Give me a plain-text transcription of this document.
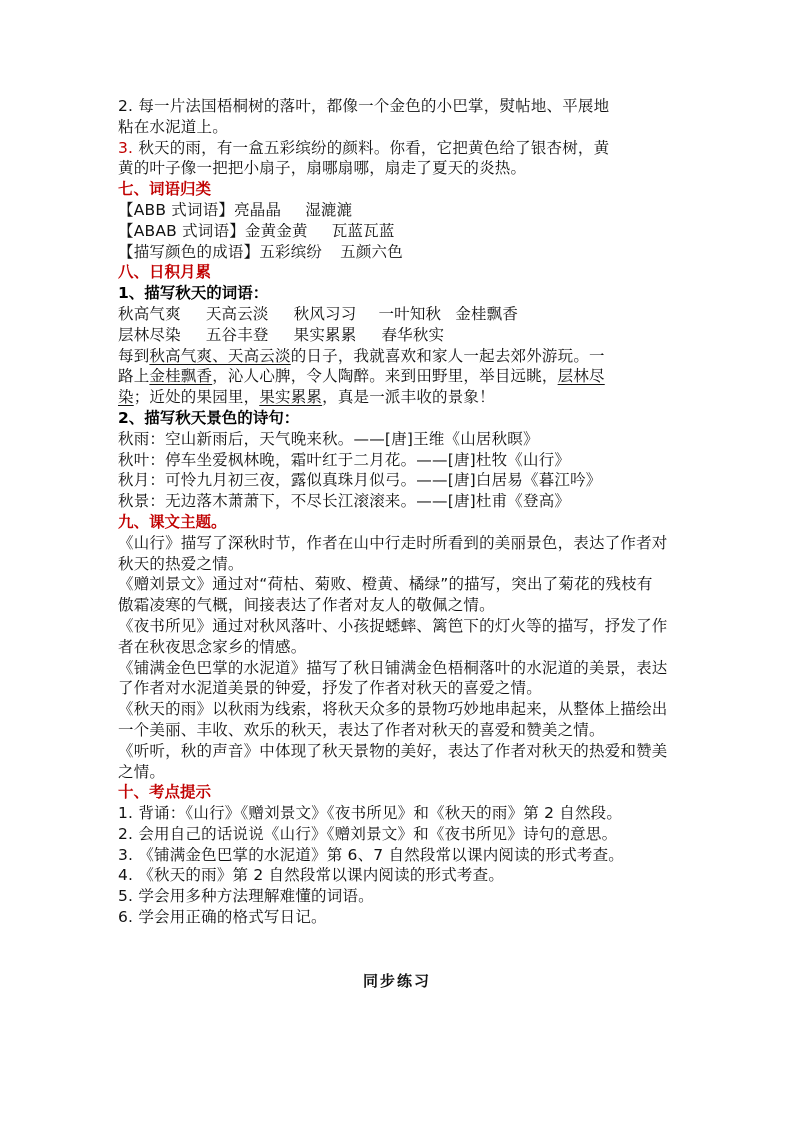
2. 每一片法国梧桐树的落叶，都像一个金色的小巴掌，熨帖地、平展地
粘在水泥道上。
3. 秋天的雨，有一盒五彩缤纷的颜料。你看，它把黄色给了银杏树，黄
黄的叶子像一把把小扇子，扇哪扇哪，扇走了夏天的炎热。
七、词语归类
【ABB 式词语】亮晶晶 湿漉漉
【ABAB 式词语】金黄金黄 瓦蓝瓦蓝
【描写颜色的成语】五彩缤纷 五颜六色
八、日积月累
1、描写秋天的词语：
秋高气爽 天高云淡 秋风习习 一叶知秋 金桂飘香
层林尽染 五谷丰登 果实累累 春华秋实
每到秋高气爽、天高云淡的日子，我就喜欢和家人一起去郊外游玩。一
路上金桂飘香，沁人心脾，令人陶醉。来到田野里，举目远眺，层林尽
染；近处的果园里，果实累累，真是一派丰收的景象！
2、描写秋天景色的诗句：
秋雨：空山新雨后，天气晚来秋。——[唐]王维《山居秋暝》
秋叶：停车坐爱枫林晚，霜叶红于二月花。——[唐]杜牧《山行》
秋月：可怜九月初三夜，露似真珠月似弓。——[唐]白居易《暮江吟》
秋景：无边落木萧萧下，不尽长江滚滚来。——[唐]杜甫《登高》
九、课文主题。
《山行》描写了深秋时节，作者在山中行走时所看到的美丽景色，表达了作者对
秋天的热爱之情。
《赠刘景文》通过对“荷枯、菊败、橙黄、橘绿”的描写，突出了菊花的残枝有
傲霜凌寒的气概，间接表达了作者对友人的敬佩之情。
《夜书所见》通过对秋风落叶、小孩捉蟋蟀、篱笆下的灯火等的描写，抒发了作
者在秋夜思念家乡的情感。
《铺满金色巴掌的水泥道》描写了秋日铺满金色梧桐落叶的水泥道的美景，表达
了作者对水泥道美景的钟爱，抒发了作者对秋天的喜爱之情。
《秋天的雨》以秋雨为线索，将秋天众多的景物巧妙地串起来，从整体上描绘出
一个美丽、丰收、欢乐的秋天，表达了作者对秋天的喜爱和赞美之情。
《听听，秋的声音》中体现了秋天景物的美好，表达了作者对秋天的热爱和赞美
之情。
十、考点提示
1. 背诵：《山行》《赠刘景文》《夜书所见》和《秋天的雨》第 2 自然段。
2. 会用自己的话说说《山行》《赠刘景文》和《夜书所见》诗句的意思。
3. 《铺满金色巴掌的水泥道》第 6、7 自然段常以课内阅读的形式考查。
4. 《秋天的雨》第 2 自然段常以课内阅读的形式考查。
5. 学会用多种方法理解难懂的词语。
6. 学会用正确的格式写日记。
同步练习
